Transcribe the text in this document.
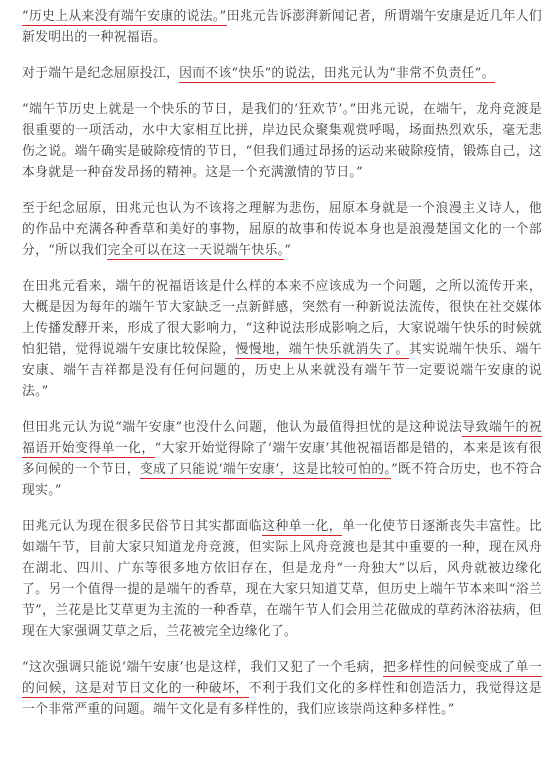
“历史上从来没有端午安康的说法。”田兆元告诉澎湃新闻记者，所谓端午安康是近几年人们新发明出的一种祝福语。

对于端午是纪念屈原投江，因而不该“快乐”的说法，田兆元认为“非常不负责任”。

“端午节历史上就是一个快乐的节日，是我们的‘狂欢节’。”田兆元说，在端午，龙舟竞渡是很重要的一项活动，水中大家相互比拼，岸边民众聚集观赏呼喝，场面热烈欢乐，毫无悲伤之说。端午确实是破除疫情的节日，“但我们通过昂扬的运动来破除疫情，锻炼自己，这本身就是一种奋发昂扬的精神。这是一个充满激情的节日。”

至于纪念屈原，田兆元也认为不该将之理解为悲伤，屈原本身就是一个浪漫主义诗人，他的作品中充满各种香草和美好的事物，屈原的故事和传说本身也是浪漫楚国文化的一个部分，“所以我们完全可以在这一天说端午快乐。”

在田兆元看来，端午的祝福语该是什么样的本来不应该成为一个问题，之所以流传开来，大概是因为每年的端午节大家缺乏一点新鲜感，突然有一种新说法流传，很快在社交媒体上传播发酵开来，形成了很大影响力，“这种说法形成影响之后，大家说端午快乐的时候就怕犯错，觉得说端午安康比较保险，慢慢地，端午快乐就消失了。其实说端午快乐、端午安康、端午吉祥都是没有任何问题的，历史上从来就没有端午节一定要说端午安康的说法。”

但田兆元认为说“端午安康”也没什么问题，他认为最值得担忧的是这种说法导致端午的祝福语开始变得单一化，“大家开始觉得除了‘端午安康’其他祝福语都是错的，本来是该有很多问候的一个节日，变成了只能说‘端午安康’，这是比较可怕的。”既不符合历史，也不符合现实。”

田兆元认为现在很多民俗节日其实都面临这种单一化，单一化使节日逐渐丧失丰富性。比如端午节，目前大家只知道龙舟竞渡，但实际上风舟竞渡也是其中重要的一种，现在风舟在湖北、四川、广东等很多地方依旧存在，但是龙舟“一舟独大”以后，风舟就被边缘化了。另一个值得一提的是端午的香草，现在大家只知道艾草，但历史上端午节本来叫“浴兰节”，兰花是比艾草更为主流的一种香草，在端午节人们会用兰花做成的草药沐浴祛病，但现在大家强调艾草之后，兰花被完全边缘化了。

“这次强调只能说‘端午安康’也是这样，我们又犯了一个毛病，把多样性的问候变成了单一的问候，这是对节日文化的一种破坏，不利于我们文化的多样性和创造活力，我觉得这是一个非常严重的问题。端午文化是有多样性的，我们应该崇尚这种多样性。”
